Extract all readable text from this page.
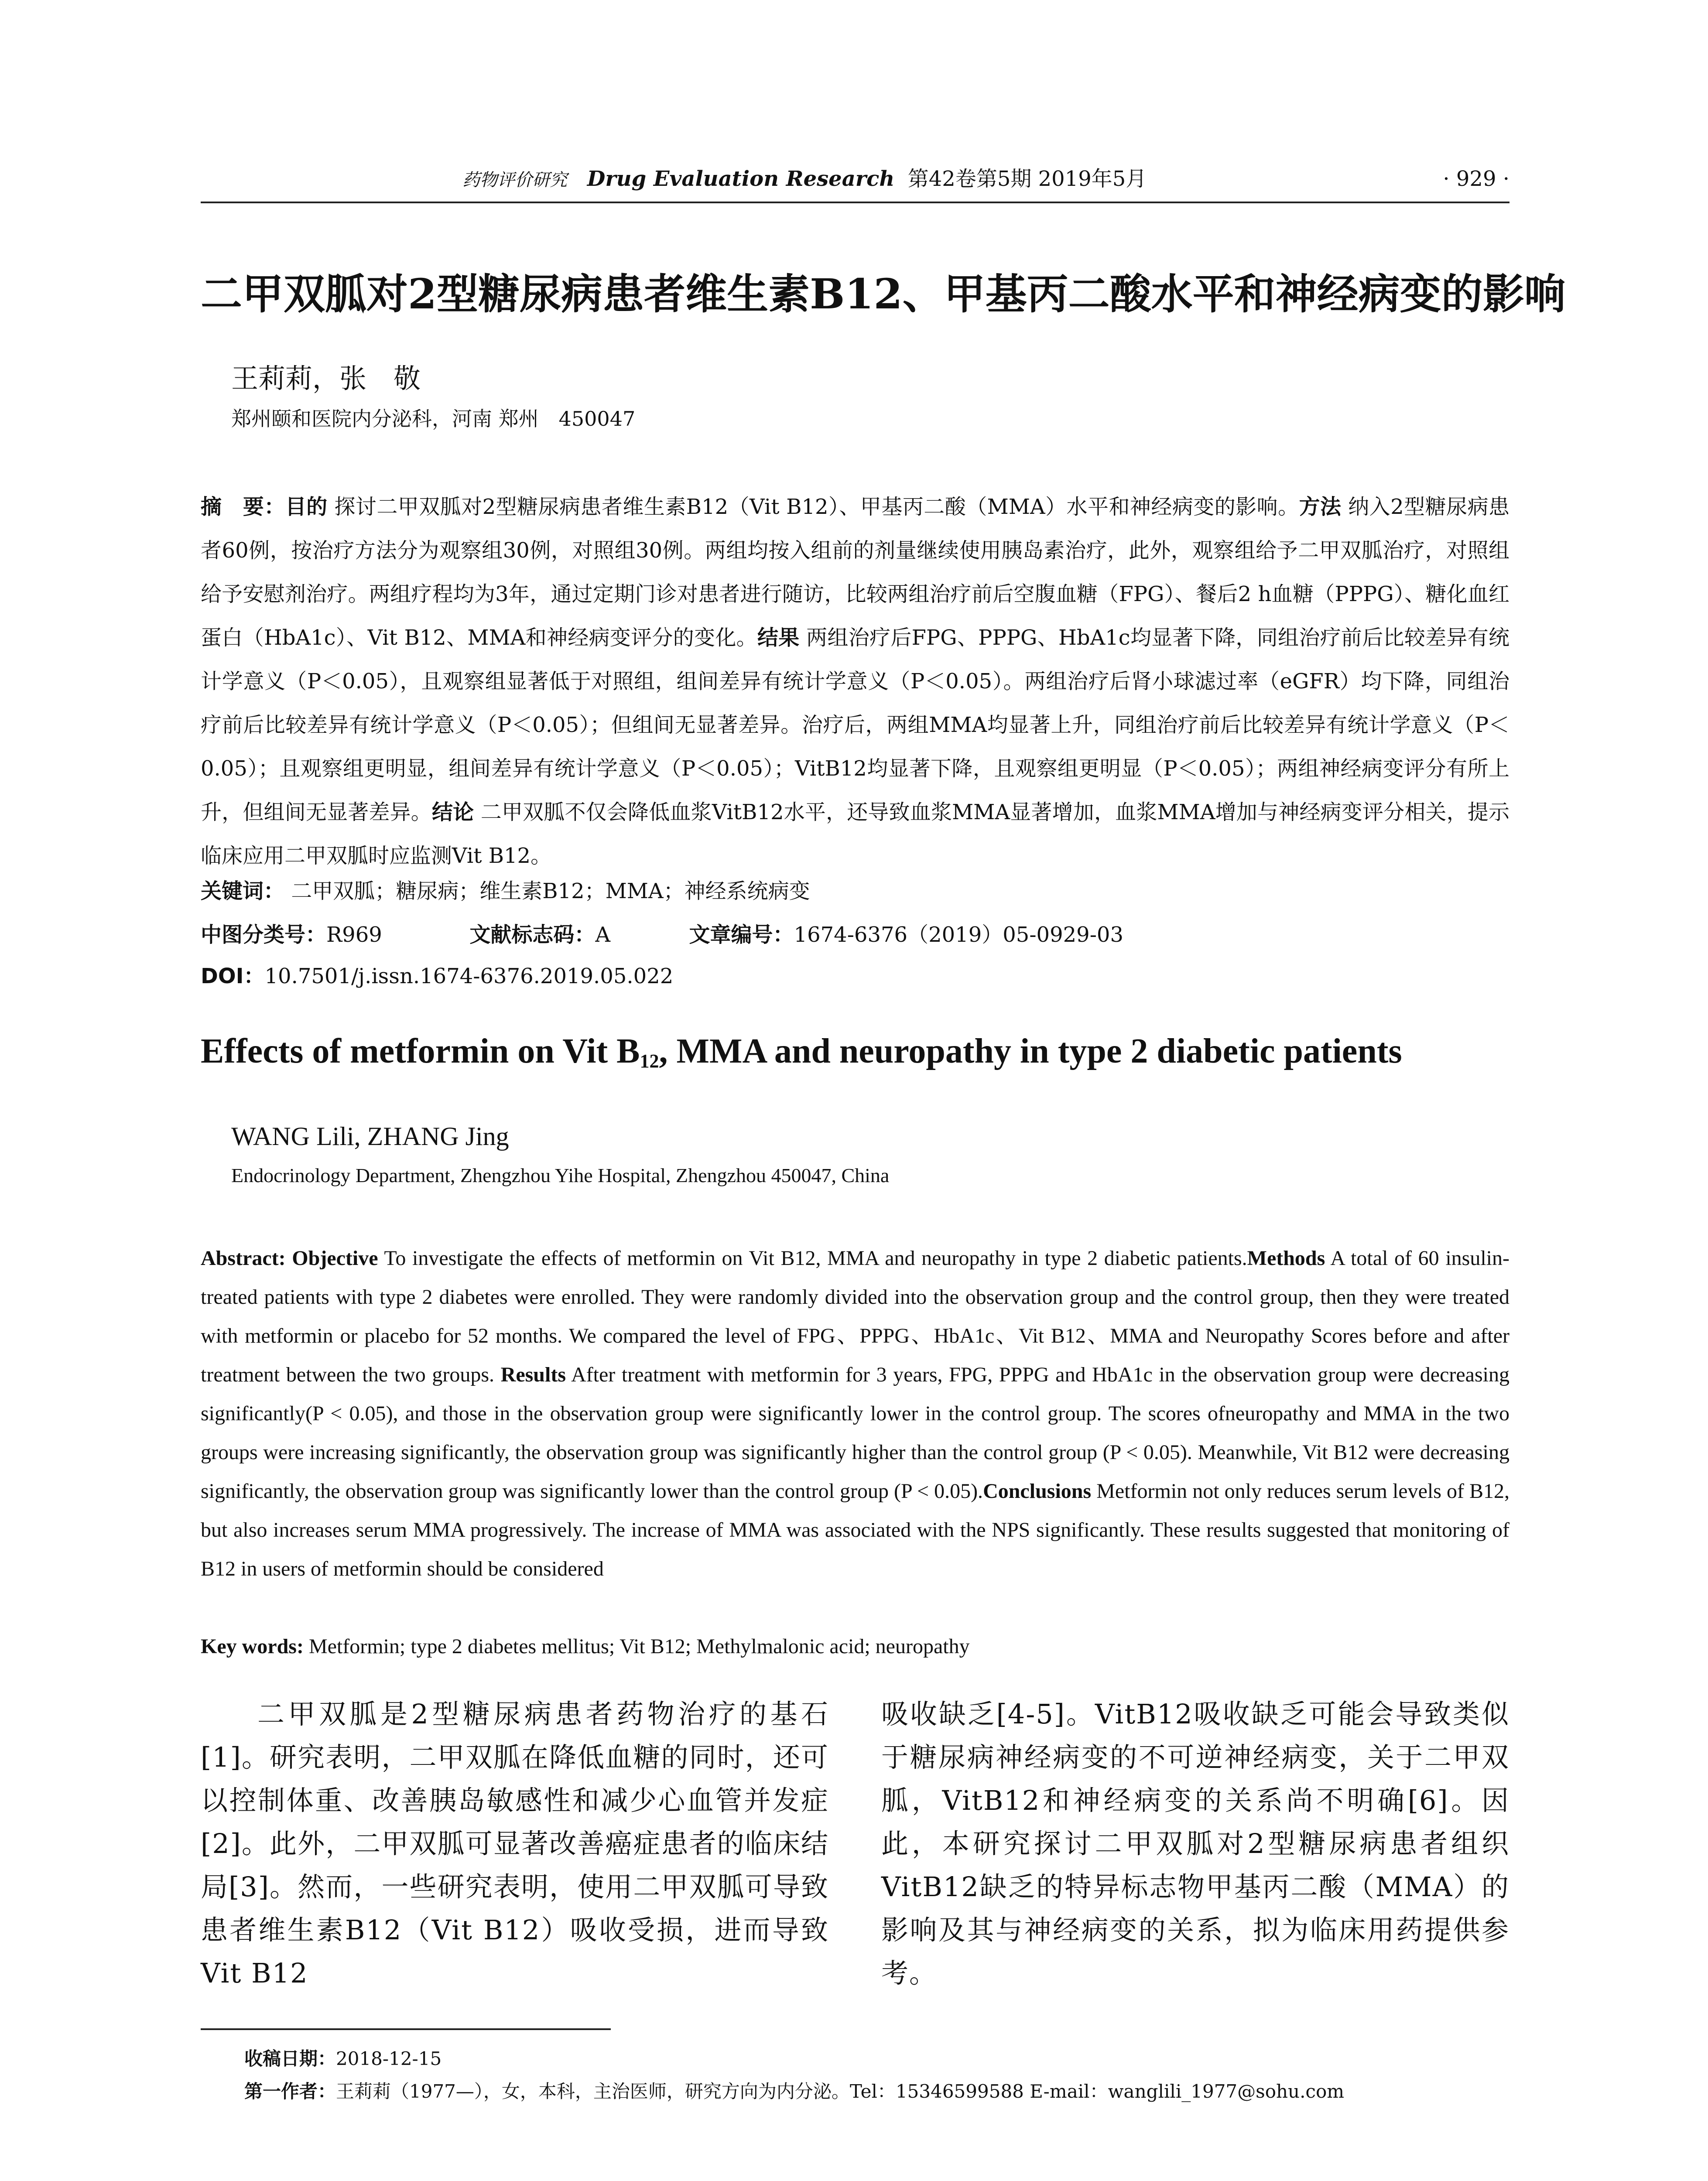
药物评价研究 Drug Evaluation Research 第42卷第5期 2019年5月	· 929 ·
二甲双胍对2型糖尿病患者维生素B12、甲基丙二酸水平和神经病变的影响
王莉莉，张　敬
郑州颐和医院内分泌科，河南 郑州　450047
摘　要：目的 探讨二甲双胍对2型糖尿病患者维生素B12（Vit B12）、甲基丙二酸（MMA）水平和神经病变的影响。方法 纳入2型糖尿病患者60例，按治疗方法分为观察组30例，对照组30例。两组均按入组前的剂量继续使用胰岛素治疗，此外，观察组给予二甲双胍治疗，对照组给予安慰剂治疗。两组疗程均为3年，通过定期门诊对患者进行随访，比较两组治疗前后空腹血糖（FPG）、餐后2 h血糖（PPPG）、糖化血红蛋白（HbA1c）、Vit B12、MMA和神经病变评分的变化。结果 两组治疗后FPG、PPPG、HbA1c均显著下降，同组治疗前后比较差异有统计学意义（P＜0.05），且观察组显著低于对照组，组间差异有统计学意义（P＜0.05）。两组治疗后肾小球滤过率（eGFR）均下降，同组治疗前后比较差异有统计学意义（P＜0.05）；但组间无显著差异。治疗后，两组MMA均显著上升，同组治疗前后比较差异有统计学意义（P＜0.05）；且观察组更明显，组间差异有统计学意义（P＜0.05）；VitB12均显著下降，且观察组更明显（P＜0.05）；两组神经病变评分有所上升，但组间无显著差异。结论 二甲双胍不仅会降低血浆VitB12水平，还导致血浆MMA显著增加，血浆MMA增加与神经病变评分相关，提示临床应用二甲双胍时应监测Vit B12。
关键词： 二甲双胍；糖尿病；维生素B12；MMA；神经系统病变
中图分类号：R969	文献标志码：A	文章编号：1674-6376（2019）05-0929-03
DOI：10.7501/j.issn.1674-6376.2019.05.022
Effects of metformin on Vit $B_{12}$, MMA and neuropathy in type 2 diabetic patients
WANG Lili, ZHANG Jing
Endocrinology Department, Zhengzhou Yihe Hospital, Zhengzhou 450047, China
Abstract: Objective To investigate the effects of metformin on Vit B12, MMA and neuropathy in type 2 diabetic patients.Methods A total of 60 insulin-treated patients with type 2 diabetes were enrolled. They were randomly divided into the observation group and the control group, then they were treated with metformin or placebo for 52 months. We compared the level of FPG、PPPG、HbA1c、Vit B12、MMA and Neuropathy Scores before and after treatment between the two groups. Results After treatment with metformin for 3 years, FPG, PPPG and HbA1c in the observation group were decreasing significantly(P < 0.05), and those in the observation group were significantly lower in the control group. The scores ofneuropathy and MMA in the two groups were increasing significantly, the observation group was significantly higher than the control group (P < 0.05). Meanwhile, Vit B12 were decreasing significantly, the observation group was significantly lower than the control group (P < 0.05).Conclusions Metformin not only reduces serum levels of B12, but also increases serum MMA progressively. The increase of MMA was associated with the NPS significantly. These results suggested that monitoring of B12 in users of metformin should be considered
Key words: Metformin; type 2 diabetes mellitus; Vit B12; Methylmalonic acid; neuropathy
二甲双胍是2型糖尿病患者药物治疗的基石[1]。研究表明，二甲双胍在降低血糖的同时，还可以控制体重、改善胰岛敏感性和减少心血管并发症[2]。此外，二甲双胍可显著改善癌症患者的临床结局[3]。然而，一些研究表明，使用二甲双胍可导致患者维生素B12（Vit B12）吸收受损，进而导致Vit B12
吸收缺乏[4-5]。VitB12吸收缺乏可能会导致类似于糖尿病神经病变的不可逆神经病变，关于二甲双胍，VitB12和神经病变的关系尚不明确[6]。因此，本研究探讨二甲双胍对2型糖尿病患者组织VitB12缺乏的特异标志物甲基丙二酸（MMA）的影响及其与神经病变的关系，拟为临床用药提供参考。
收稿日期：2018-12-15
第一作者：王莉莉（1977—），女，本科，主治医师，研究方向为内分泌。Tel：15346599588 E-mail：wanglili_1977@sohu.com
